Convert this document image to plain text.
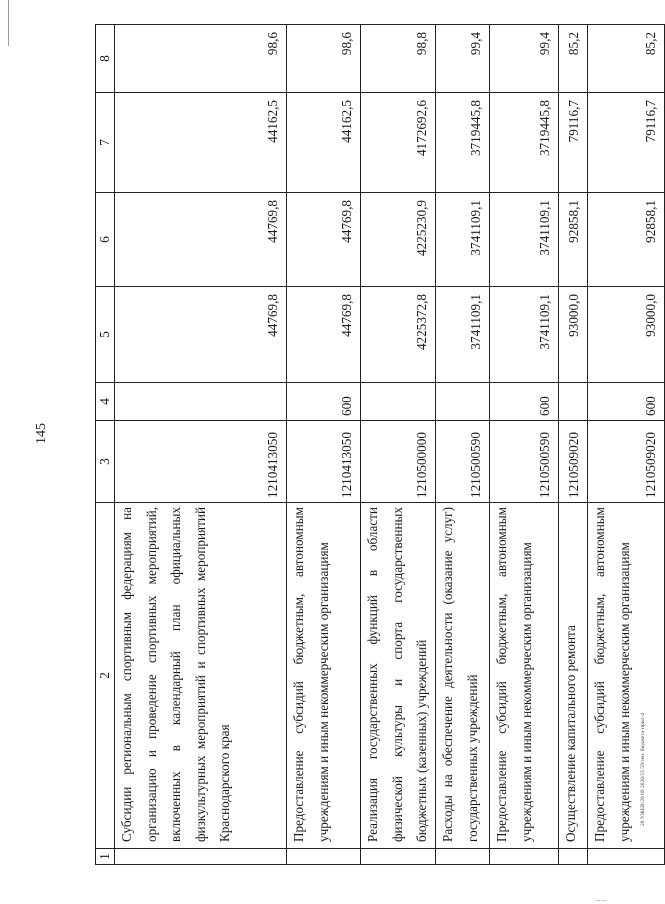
145
20 УЖЕВ/28 09 2020/15 59/зеп. бюджета-прил-4
-- --
1	2	3	4	5	6	7	8
	Субсидии региональным спортивным федерациям на организацию и проведение спортивных мероприятий, включенных в календарный план официальных физкультурных мероприятий и спортивных мероприятий Краснодарского края	1210413050		44769,8	44769,8	44162,5	98,6
	Предоставление субсидий бюджетным, автономным учреждениям и иным некоммерческим организациям	1210413050	600	44769,8	44769,8	44162,5	98,6
	Реализация государственных функций в области физической культуры и спорта государственных бюджетных (казенных) учреждений	1210500000		4225372,8	4225230,9	4172692,6	98,8
	Расходы на обеспечение деятельности (оказание услуг) государственных учреждений	1210500590		3741109,1	3741109,1	3719445,8	99,4
	Предоставление субсидий бюджетным, автономным учреждениям и иным некоммерческим организациям	1210500590	600	3741109,1	3741109,1	3719445,8	99,4
	Осуществление капитального ремонта	1210509020		93000,0	92858,1	79116,7	85,2
	Предоставление субсидий бюджетным, автономным учреждениям и иным некоммерческим организациям	1210509020	600	93000,0	92858,1	79116,7	85,2
